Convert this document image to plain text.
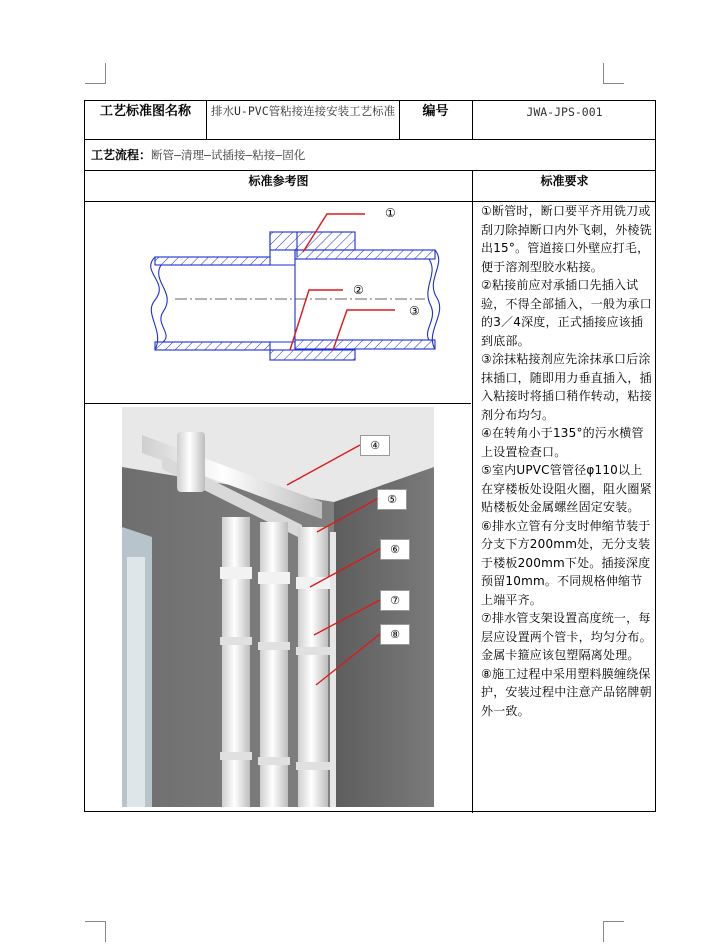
工艺标准图名称	排水U-PVC管粘接连接安装工艺标准	编号	JWA-JPS-001
工艺流程：断管—清理—试插接—粘接—固化
标准参考图	标准要求
①
②
③
④
⑤
⑥
⑦
⑧

①断管时，断口要平齐用铣刀或刮刀除掉断口内外飞刺，外棱铣出15°。管道接口外壁应打毛，便于溶剂型胶水粘接。

②粘接前应对承插口先插入试验，不得全部插入，一般为承口的3／4深度，正式插接应该插到底部。

③涂抹粘接剂应先涂抹承口后涂抹插口，随即用力垂直插入，插入粘接时将插口稍作转动，粘接剂分布均匀。

④在转角小于135°的污水横管上设置检查口。

⑤室内UPVC管管径φ110以上在穿楼板处设阻火圈，阻火圈紧贴楼板处金属螺丝固定安装。

⑥排水立管有分支时伸缩节装于分支下方200mm处，无分支装于楼板200mm下处。插接深度预留10mm。不同规格伸缩节上端平齐。

⑦排水管支架设置高度统一，每层应设置两个管卡，均匀分布。金属卡箍应该包塑隔离处理。

⑧施工过程中采用塑料膜缠绕保护，安装过程中注意产品铭牌朝外一致。
